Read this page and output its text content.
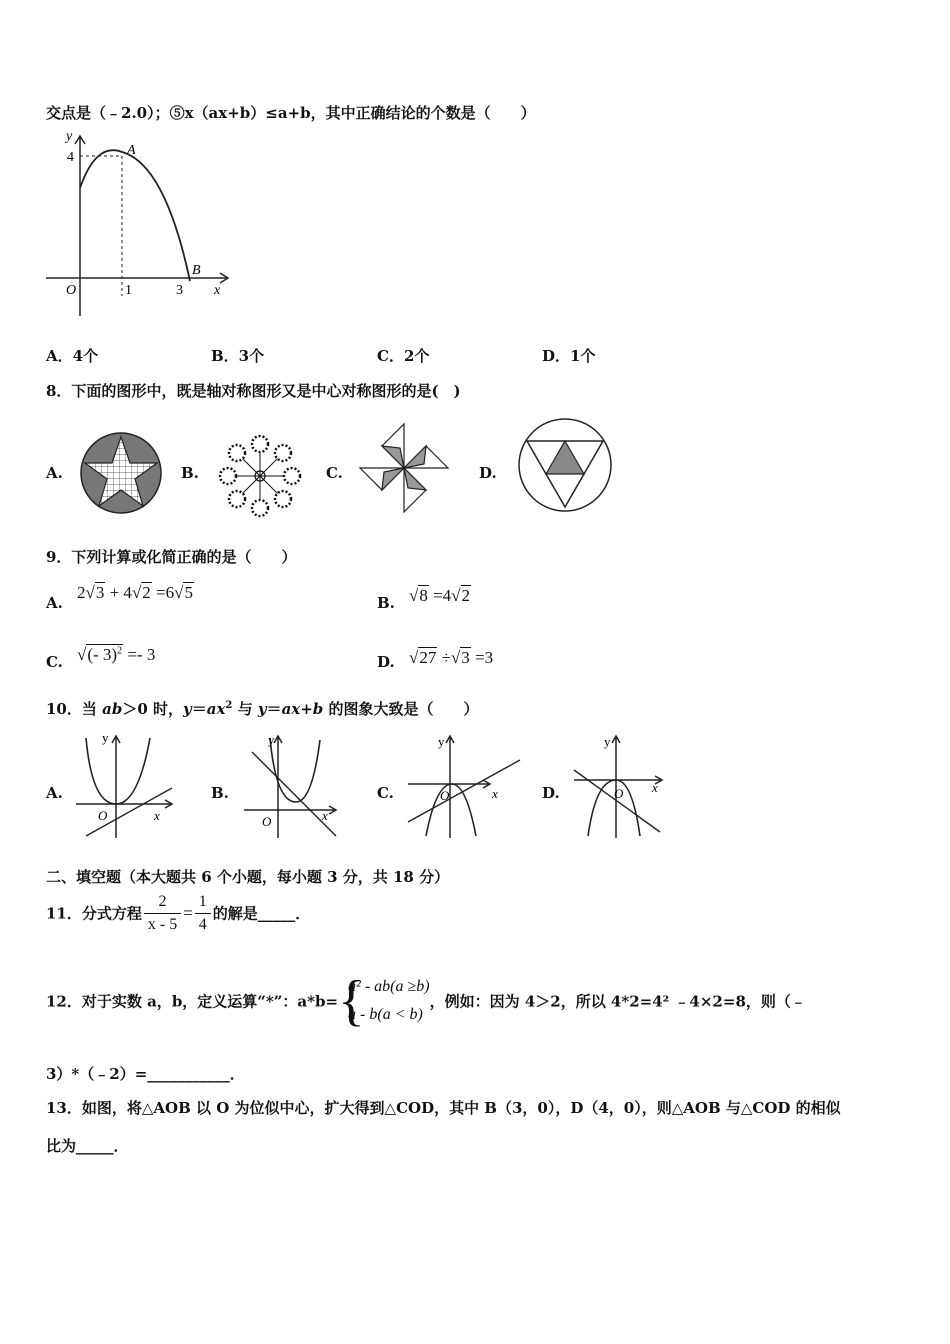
交点是（﹣2.0）；⑤x（ax+b）≤a+b，其中正确结论的个数是（　　）
y
4	A
B
O	1	3 x
A．4个	B．3个	C．2个	D．1个
8．下面的图形中，既是轴对称图形又是中心对称图形的是(　)
A.	B.	C.	D.
9．下列计算或化简正确的是（　　）
A.
2√3 + 4√2 =6√5
B. √8 =4√2
C. √(- 3)$^2$ =- 3	D. √27 ÷√3 =3
10．当 ab＞0 时，$y=ax^2$ 与 y＝ax+b 的图象大致是（　　）
A.
y
O	x
B.
y
O	x
C.
y
O	x	D.
y
O x
二、填空题（本大题共 6 个小题，每小题 3 分，共 18 分）
11．分式方程 $\frac{2}{x - 5} = \frac{1}{4}$ 的解是_____．
12．对于实数 a，b，定义运算“*”：a*b= {
a² - ab(a ≥b)
a - b(a < b)
，例如：因为 4＞2，所以 4*2=4² ﹣4×2=8，则（﹣
3）*（﹣2）=___________．
13．如图，将△AOB 以 O 为位似中心，扩大得到△COD，其中 B（3，0），D（4，0），则△AOB 与△COD 的相似
比为_____．
